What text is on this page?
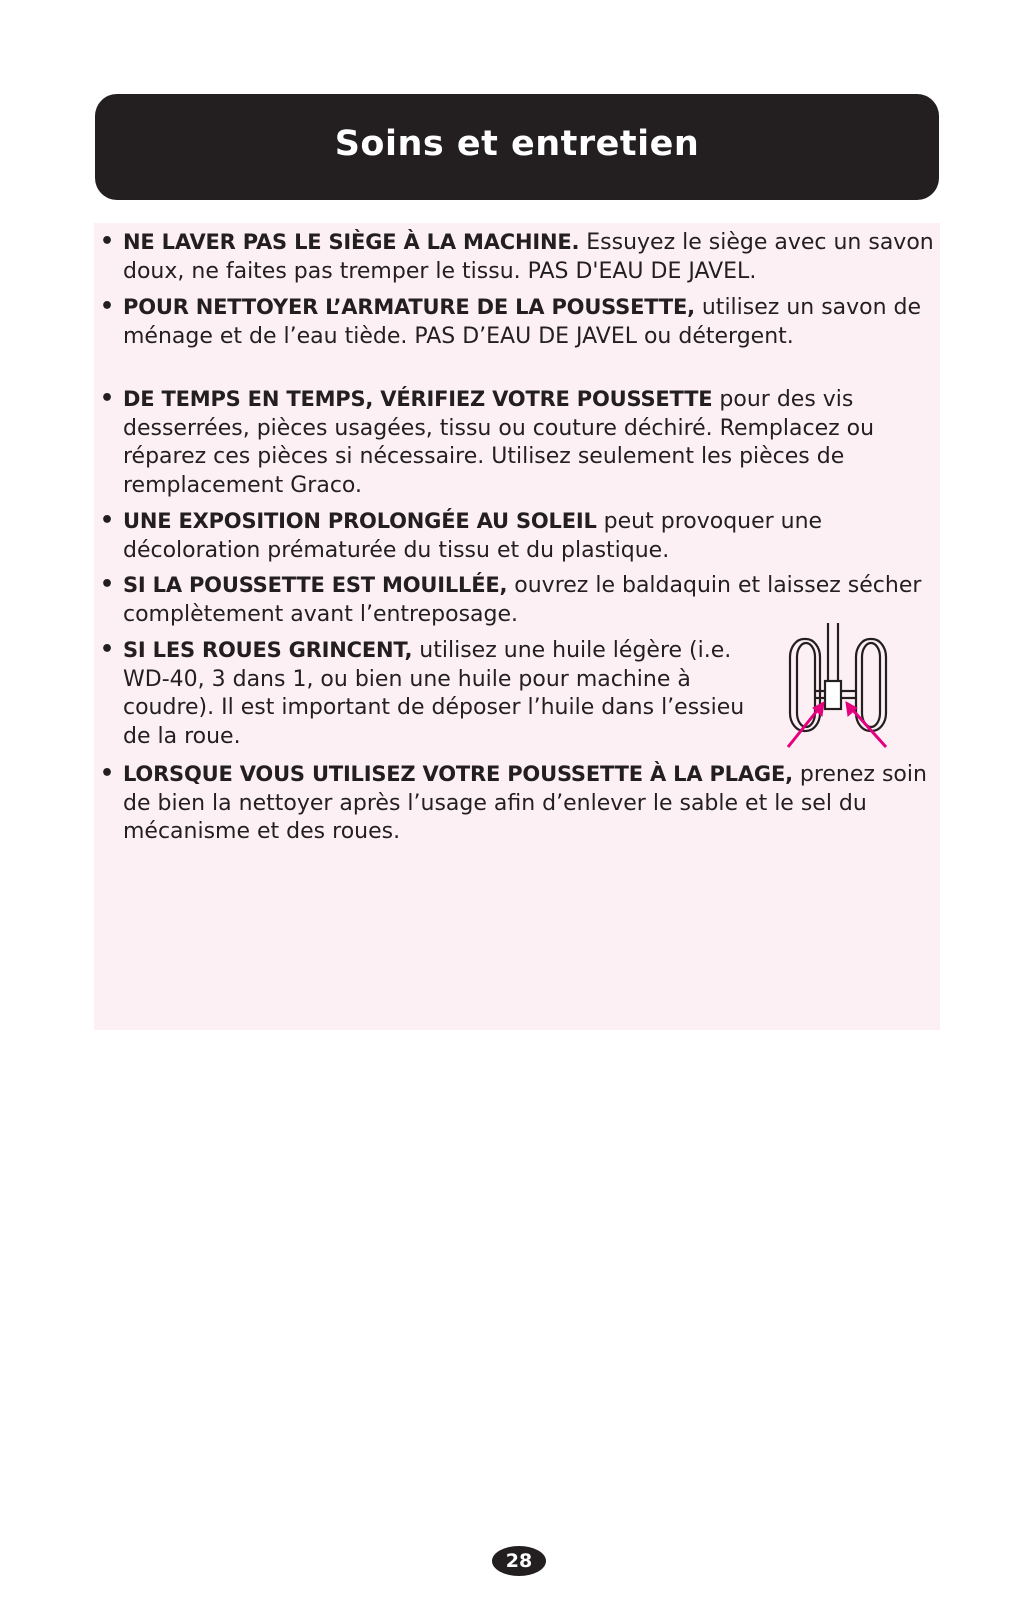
Soins et entretien
• NE LAVER PAS LE SIÈGE À LA MACHINE. Essuyez le siège avec un savon doux, ne faites pas tremper le tissu. PAS D'EAU DE JAVEL.
• POUR NETTOYER L’ARMATURE DE LA POUSSETTE, utilisez un savon de ménage et de l’eau tiède. PAS D’EAU DE JAVEL ou détergent.
• DE TEMPS EN TEMPS, VÉRIFIEZ VOTRE POUSSETTE pour des vis desserrées, pièces usagées, tissu ou couture déchiré. Remplacez ou réparez ces pièces si nécessaire. Utilisez seulement les pièces de remplacement Graco.
• UNE EXPOSITION PROLONGÉE AU SOLEIL peut provoquer une décoloration prématurée du tissu et du plastique.
• SI LA POUSSETTE EST MOUILLÉE, ouvrez le baldaquin et laissez sécher complètement avant l’entreposage.
• SI LES ROUES GRINCENT, utilisez une huile légère (i.e. WD-40, 3 dans 1, ou bien une huile pour machine à coudre). Il est important de déposer l’huile dans l’essieu de la roue.
• LORSQUE VOUS UTILISEZ VOTRE POUSSETTE À LA PLAGE, prenez soin de bien la nettoyer après l’usage afin d’enlever le sable et le sel du mécanisme et des roues.
28
